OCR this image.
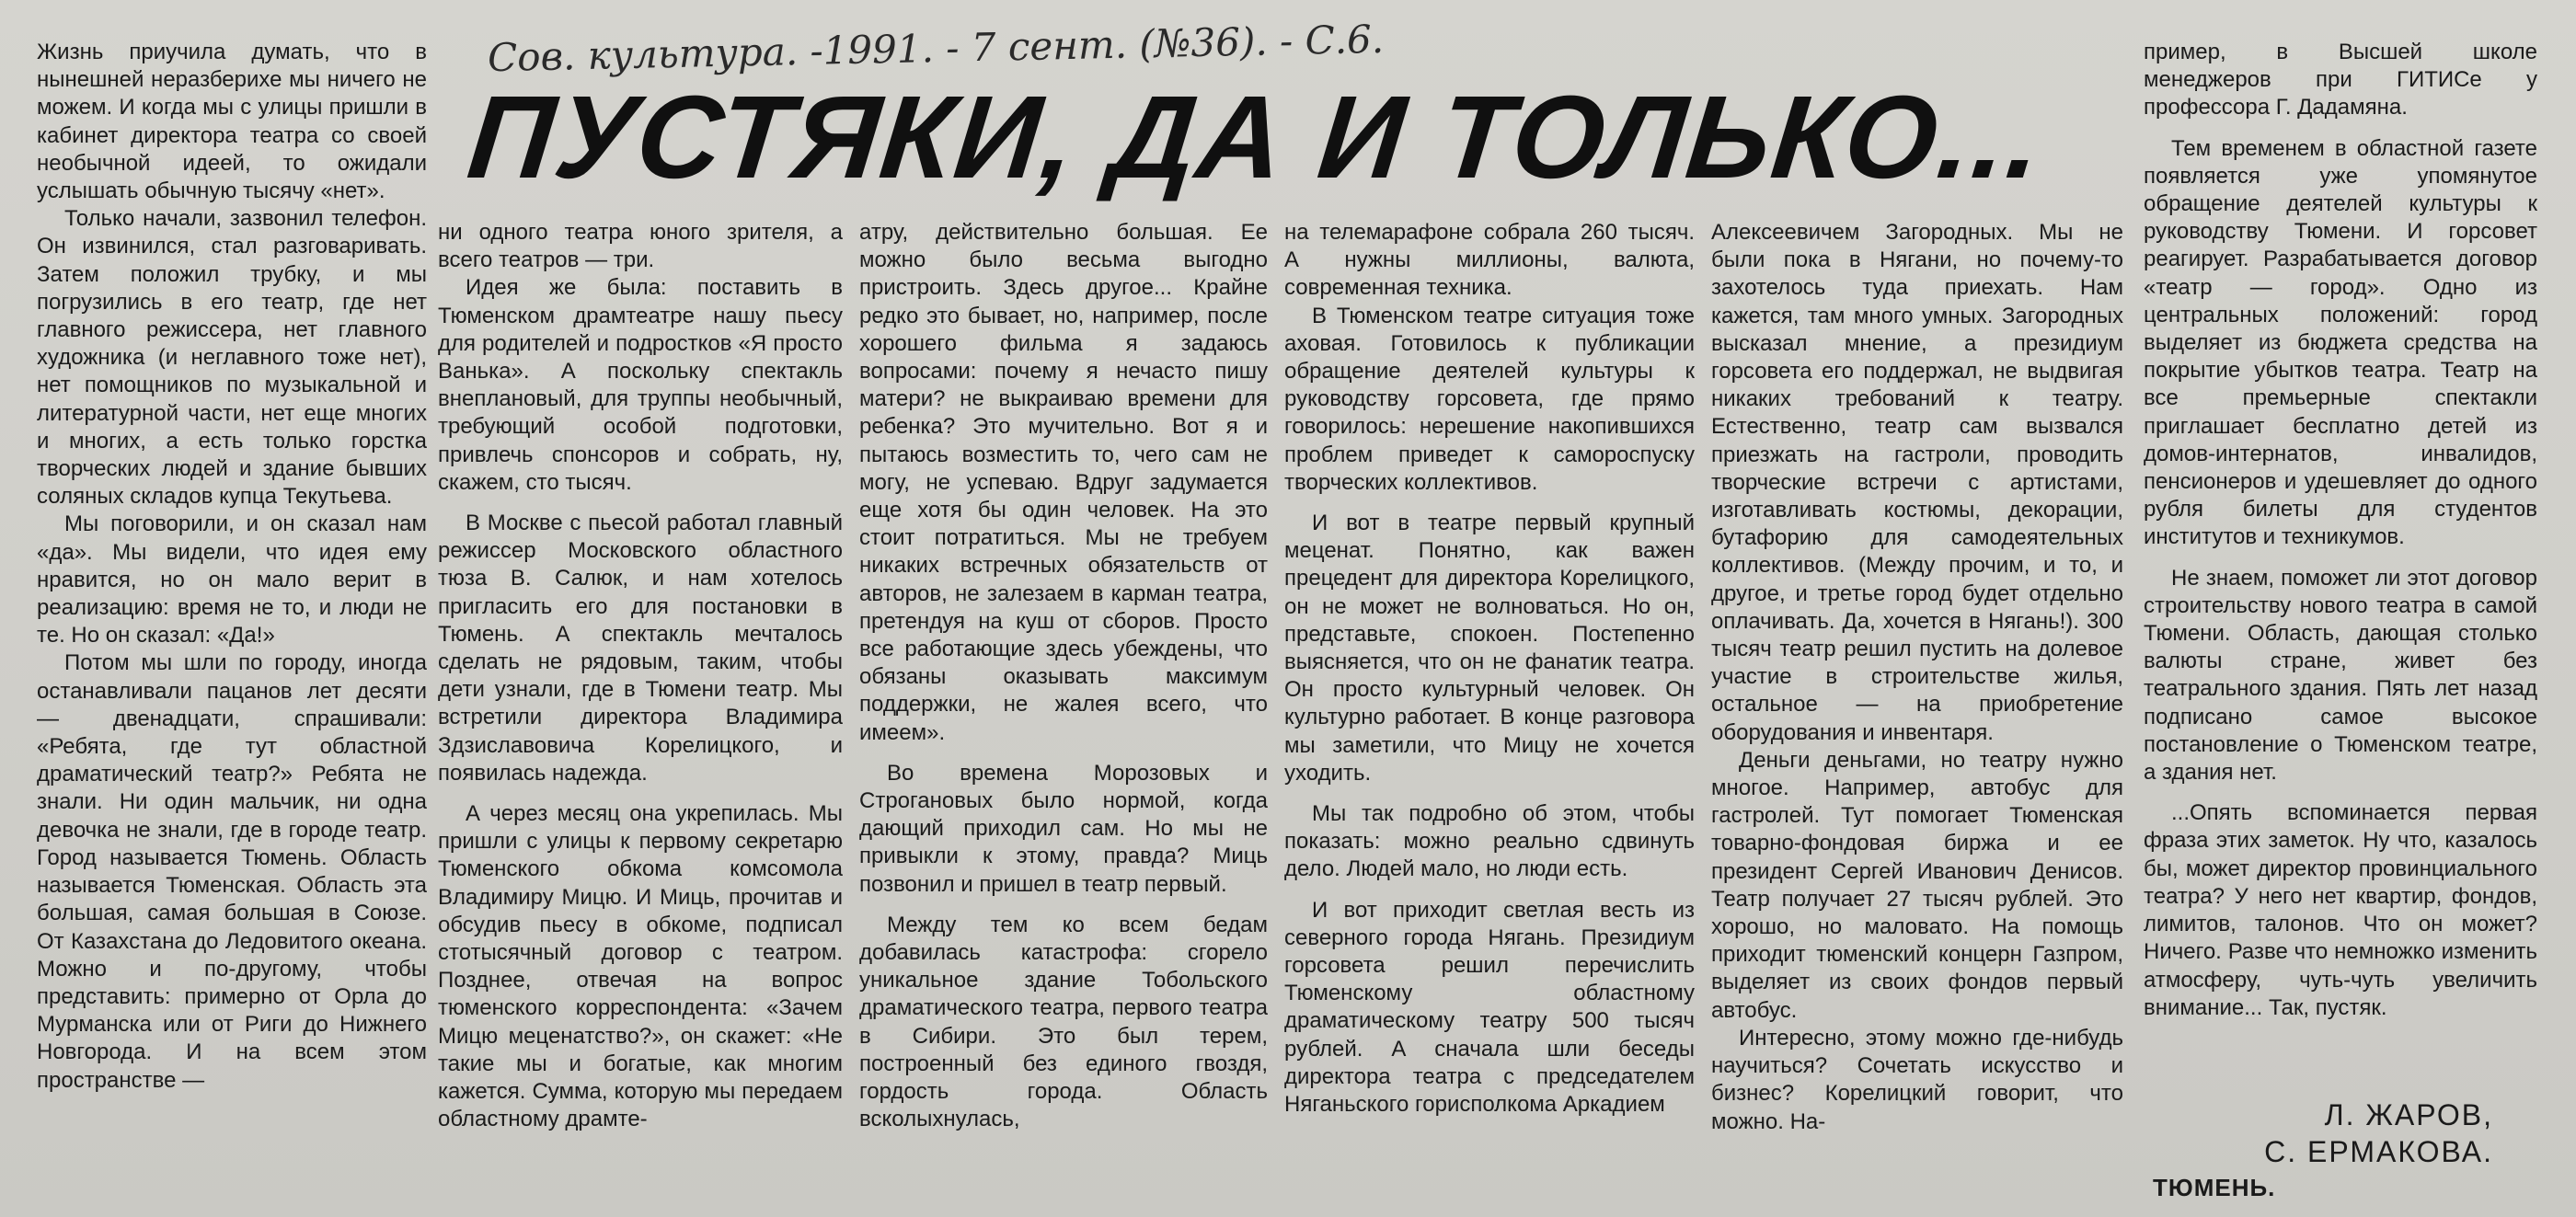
Сов. культура. -1991. - 7 сент. (№36). - С.6.
ПУСТЯКИ, ДА И ТОЛЬКО...

Жизнь приучила думать, что в нынешней неразберихе мы ничего не можем. И когда мы с улицы пришли в кабинет директора театра со своей необычной идеей, то ожидали услышать обычную тысячу «нет».

Только начали, зазвонил телефон. Он извинился, стал разговаривать. Затем положил трубку, и мы погрузились в его театр, где нет главного режиссера, нет главного художника (и неглавного тоже нет), нет помощников по музыкальной и литературной части, нет еще многих и многих, а есть только горстка творческих людей и здание бывших соляных складов купца Текутьева.

Мы поговорили, и он сказал нам «да». Мы видели, что идея ему нравится, но он мало верит в реализацию: время не то, и люди не те. Но он сказал: «Да!»

Потом мы шли по городу, иногда останавливали пацанов лет десяти — двенадцати, спрашивали: «Ребята, где тут областной драматический театр?» Ребята не знали. Ни один мальчик, ни одна девочка не знали, где в городе театр. Город называется Тюмень. Область называется Тюменская. Область эта большая, самая большая в Союзе. От Казахстана до Ледовитого океана. Можно и по-другому, чтобы представить: примерно от Орла до Мурманска или от Риги до Нижнего Новгорода. И на всем этом пространстве —

ни одного театра юного зрителя, а всего театров — три.

Идея же была: поставить в Тюменском драмтеатре нашу пьесу для родителей и подростков «Я просто Ванька». А поскольку спектакль внеплановый, для труппы необычный, требующий особой подготовки, привлечь спонсоров и собрать, ну, скажем, сто тысяч.

В Москве с пьесой работал главный режиссер Московского областного тюза В. Салюк, и нам хотелось пригласить его для постановки в Тюмень. А спектакль мечталось сделать не рядовым, таким, чтобы дети узнали, где в Тюмени театр. Мы встретили директора Владимира Здзиславовича Корелицкого, и появилась надежда.

А через месяц она укрепилась. Мы пришли с улицы к первому секретарю Тюменского обкома комсомола Владимиру Мицю. И Миць, прочитав и обсудив пьесу в обкоме, подписал стотысячный договор с театром. Позднее, отвечая на вопрос тюменского корреспондента: «Зачем Мицю меценатство?», он скажет: «Не такие мы и богатые, как многим кажется. Сумма, которую мы передаем областному драмте-

атру, действительно большая. Ее можно было весьма выгодно пристроить. Здесь другое... Крайне редко это бывает, но, например, после хорошего фильма я задаюсь вопросами: почему я нечасто пишу матери? не выкраиваю времени для ребенка? Это мучительно. Вот я и пытаюсь возместить то, чего сам не могу, не успеваю. Вдруг задумается еще хотя бы один человек. На это стоит потратиться. Мы не требуем никаких встречных обязательств от авторов, не залезаем в карман театра, претендуя на куш от сборов. Просто все работающие здесь убеждены, что обязаны оказывать максимум поддержки, не жалея всего, что имеем».

Во времена Морозовых и Строгановых было нормой, когда дающий приходил сам. Но мы не привыкли к этому, правда? Миць позвонил и пришел в театр первый.

Между тем ко всем бедам добавилась катастрофа: сгорело уникальное здание Тобольского драматического театра, первого театра в Сибири. Это был терем, построенный без единого гвоздя, гордость города. Область всколыхнулась,

на телемарафоне собрала 260 тысяч. А нужны миллионы, валюта, современная техника.

В Тюменском театре ситуация тоже аховая. Готовилось к публикации обращение деятелей культуры к руководству горсовета, где прямо говорилось: нерешение накопившихся проблем приведет к самороспуску творческих коллективов.

И вот в театре первый крупный меценат. Понятно, как важен прецедент для директора Корелицкого, он не может не волноваться. Но он, представьте, спокоен. Постепенно выясняется, что он не фанатик театра. Он просто культурный человек. Он культурно работает. В конце разговора мы заметили, что Мицу не хочется уходить.

Мы так подробно об этом, чтобы показать: можно реально сдвинуть дело. Людей мало, но люди есть.

И вот приходит светлая весть из северного города Нягань. Президиум горсовета решил перечислить Тюменскому областному драматическому театру 500 тысяч рублей. А сначала шли беседы директора театра с председателем Няганьского горисполкома Аркадием

Алексеевичем Загородных. Мы не были пока в Нягани, но почему-то захотелось туда приехать. Нам кажется, там много умных. Загородных высказал мнение, а президиум горсовета его поддержал, не выдвигая никаких требований к театру. Естественно, театр сам вызвался приезжать на гастроли, проводить творческие встречи с артистами, изготавливать костюмы, декорации, бутафорию для самодеятельных коллективов. (Между прочим, и то, и другое, и третье город будет отдельно оплачивать. Да, хочется в Нягань!). 300 тысяч театр решил пустить на долевое участие в строительстве жилья, остальное — на приобретение оборудования и инвентаря.

Деньги деньгами, но театру нужно многое. Например, автобус для гастролей. Тут помогает Тюменская товарно-фондовая биржа и ее президент Сергей Иванович Денисов. Театр получает 27 тысяч рублей. Это хорошо, но маловато. На помощь приходит тюменский концерн Газпром, выделяет из своих фондов первый автобус.

Интересно, этому можно где-нибудь научиться? Сочетать искусство и бизнес? Корелицкий говорит, что можно. На-

пример, в Высшей школе менеджеров при ГИТИСе у профессора Г. Дадамяна.

Тем временем в областной газете появляется уже упомянутое обращение деятелей культуры к руководству Тюмени. И горсовет реагирует. Разрабатывается договор «театр — город». Одно из центральных положений: город выделяет из бюджета средства на покрытие убытков театра. Театр на все премьерные спектакли приглашает бесплатно детей из домов-интернатов, инвалидов, пенсионеров и удешевляет до одного рубля билеты для студентов институтов и техникумов.

Не знаем, поможет ли этот договор строительству нового театра в самой Тюмени. Область, дающая столько валюты стране, живет без театрального здания. Пять лет назад подписано самое высокое постановление о Тюменском театре, а здания нет.

...Опять вспоминается первая фраза этих заметок. Ну что, казалось бы, может директор провинциального театра? У него нет квартир, фондов, лимитов, талонов. Что он может? Ничего. Разве что немножко изменить атмосферу, чуть-чуть увеличить внимание... Так, пустяк.

Л. ЖАРОВ,
С. ЕРМАКОВА.
ТЮМЕНЬ.
